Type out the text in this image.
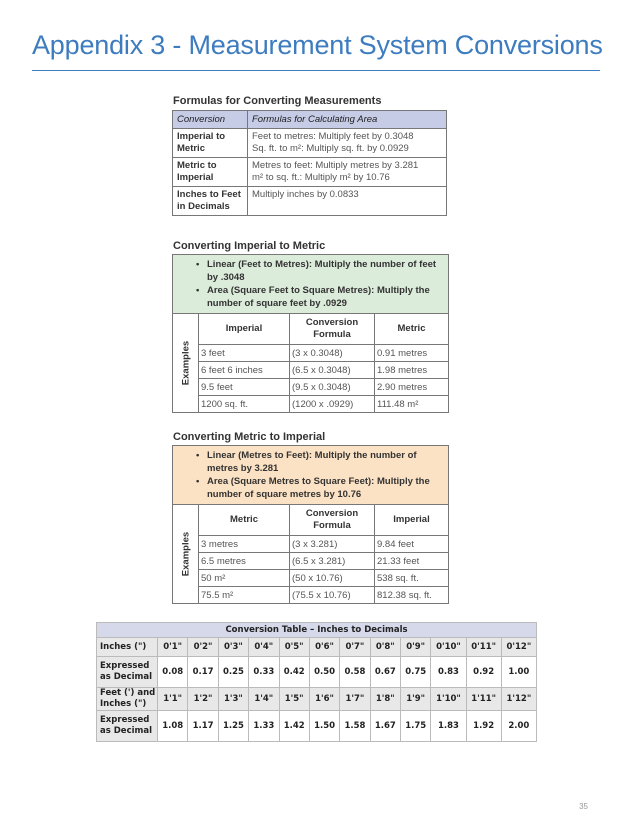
Appendix 3 - Measurement System Conversions
Formulas for Converting Measurements
Conversion	Formulas for Calculating Area
Imperial to Metric	Feet to metres: Multiply feet by 0.3048
Sq. ft. to m²: Multiply sq. ft. by 0.0929

Metric to Imperial	Metres to feet: Multiply metres by 3.281
m² to sq. ft.: Multiply m² by 10.76

Inches to Feet in Decimals	Multiply inches by 0.0833
Converting Imperial to Metric
• Linear (Feet to Metres): Multiply the number of feet by .3048
• Area (Square Feet to Square Metres): Multiply the number of square feet by .0929
Examples
Imperial	Conversion Formula	Metric
3 feet	(3 x 0.3048)	0.91 metres
6 feet 6 inches	(6.5 x 0.3048)	1.98 metres
9.5 feet	(9.5 x 0.3048)	2.90 metres
1200 sq. ft.	(1200 x .0929)	111.48 m²
Converting Metric to Imperial
• Linear (Metres to Feet): Multiply the number of metres by 3.281
• Area (Square Metres to Square Feet): Multiply the number of square metres by 10.76
Examples
Metric	Conversion Formula	Imperial
3 metres	(3 x 3.281)	9.84 feet
6.5 metres	(6.5 x 3.281)	21.33 feet
50 m²	(50 x 10.76)	538 sq. ft.
75.5 m²	(75.5 x 10.76)	812.38 sq. ft.
Conversion Table – Inches to Decimals												
Inches (")	0'1"	0'2"	0'3"	0'4"	0'5"	0'6"	0'7"	0'8"	0'9"	0'10"	0'11"	0'12"
Expressed as Decimal	0.08	0.17	0.25	0.33	0.42	0.50	0.58	0.67	0.75	0.83	0.92	1.00
Feet (') and Inches (")	1'1"	1'2"	1'3"	1'4"	1'5"	1'6"	1'7"	1'8"	1'9"	1'10"	1'11"	1'12"
Expressed as Decimal	1.08	1.17	1.25	1.33	1.42	1.50	1.58	1.67	1.75	1.83	1.92	2.00
35
